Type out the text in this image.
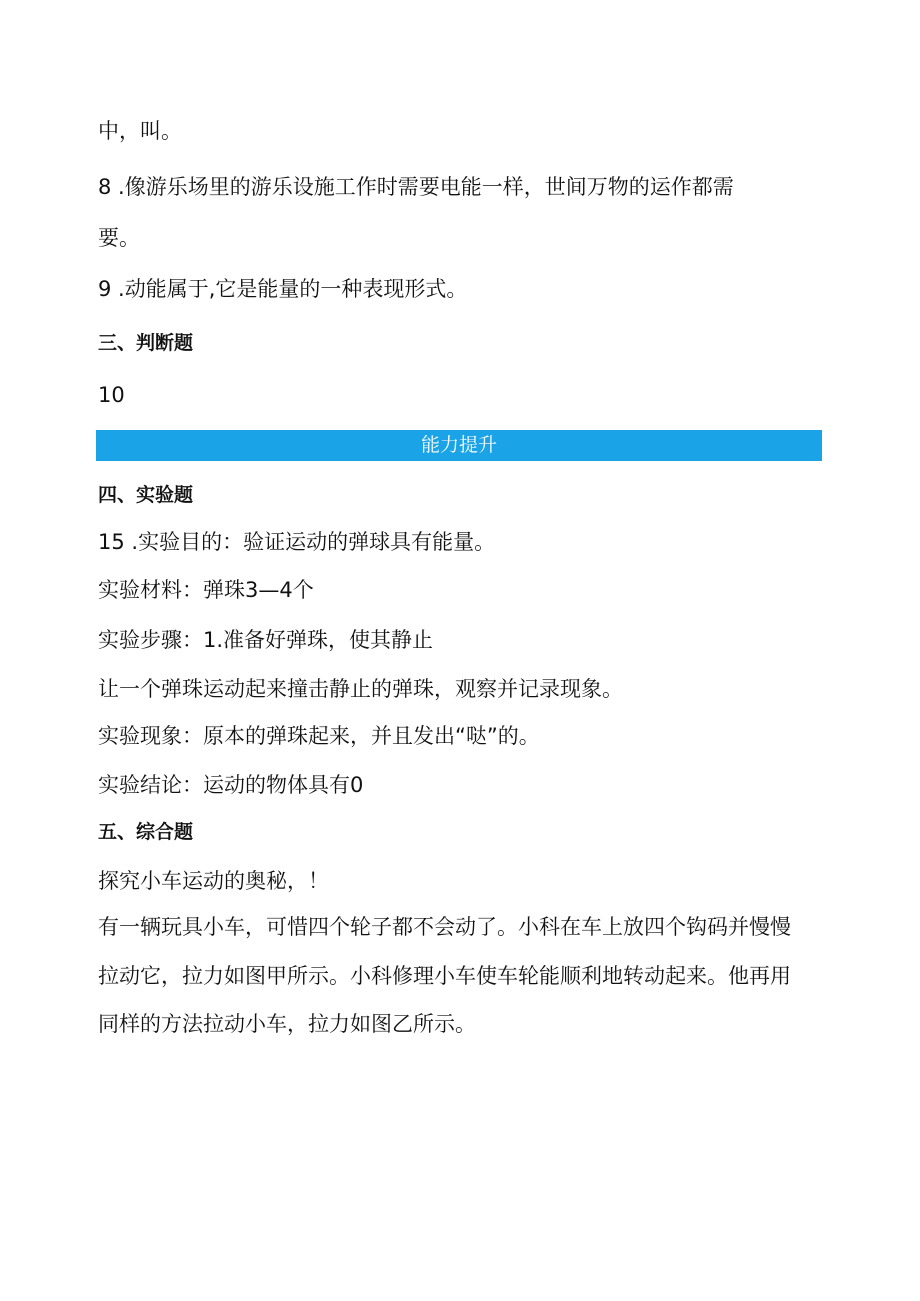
中，叫。
8 .像游乐场里的游乐设施工作时需要电能一样，世间万物的运作都需
要。
9 .动能属于,它是能量的一种表现形式。
三、判断题
10
能力提升
四、实验题
15 .实验目的：验证运动的弹球具有能量。
实验材料：弹珠3—4个
实验步骤：1.准备好弹珠，使其静止
让一个弹珠运动起来撞击静止的弹珠，观察并记录现象。
实验现象：原本的弹珠起来，并且发出“哒”的。
实验结论：运动的物体具有0
五、综合题
探究小车运动的奥秘，！
有一辆玩具小车，可惜四个轮子都不会动了。小科在车上放四个钩码并慢慢
拉动它，拉力如图甲所示。小科修理小车使车轮能顺利地转动起来。他再用
同样的方法拉动小车，拉力如图乙所示。
